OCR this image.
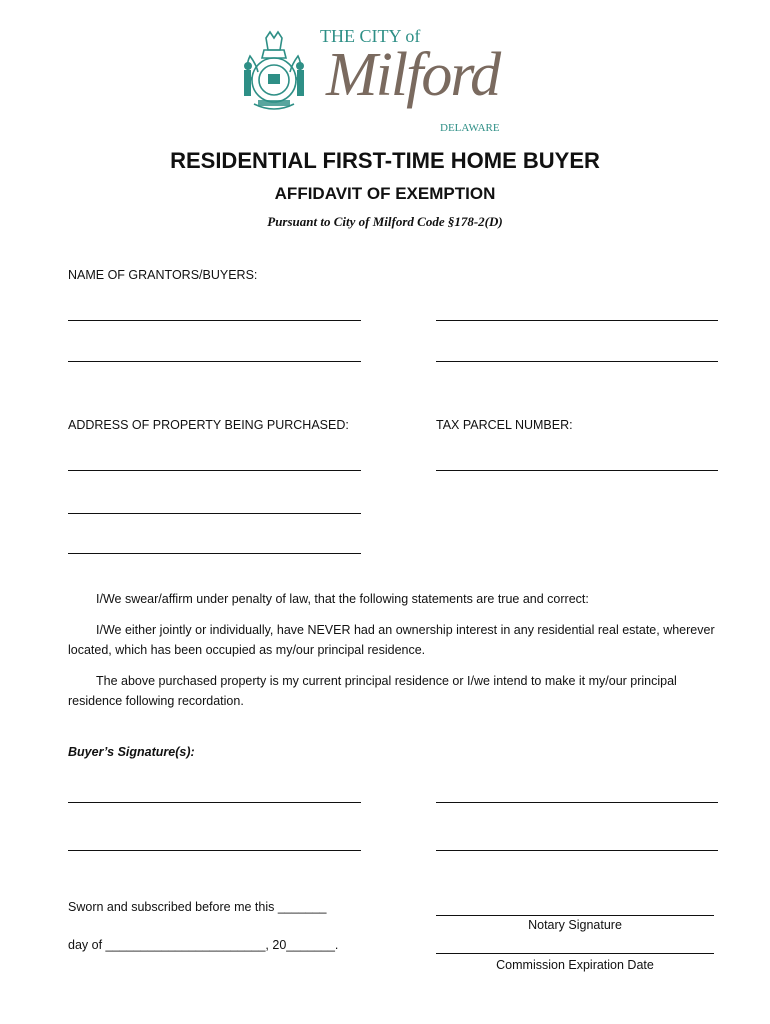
THE CITY of
Milford
DELAWARE
RESIDENTIAL FIRST-TIME HOME BUYER
AFFIDAVIT OF EXEMPTION
Pursuant to City of Milford Code §178-2(D)
NAME OF GRANTORS/BUYERS:
ADDRESS OF PROPERTY BEING PURCHASED:	TAX PARCEL NUMBER:
I/We swear/affirm under penalty of law, that the following statements are true and correct:
I/We either jointly or individually, have NEVER had an ownership interest in any residential real estate, wherever located, which has been occupied as my/our principal residence.
The above purchased property is my current principal residence or I/we intend to make it my/our principal residence following recordation.
Buyer’s Signature(s):
Sworn and subscribed before me this _______
Notary Signature
day of _______________________, 20_______.
Commission Expiration Date
